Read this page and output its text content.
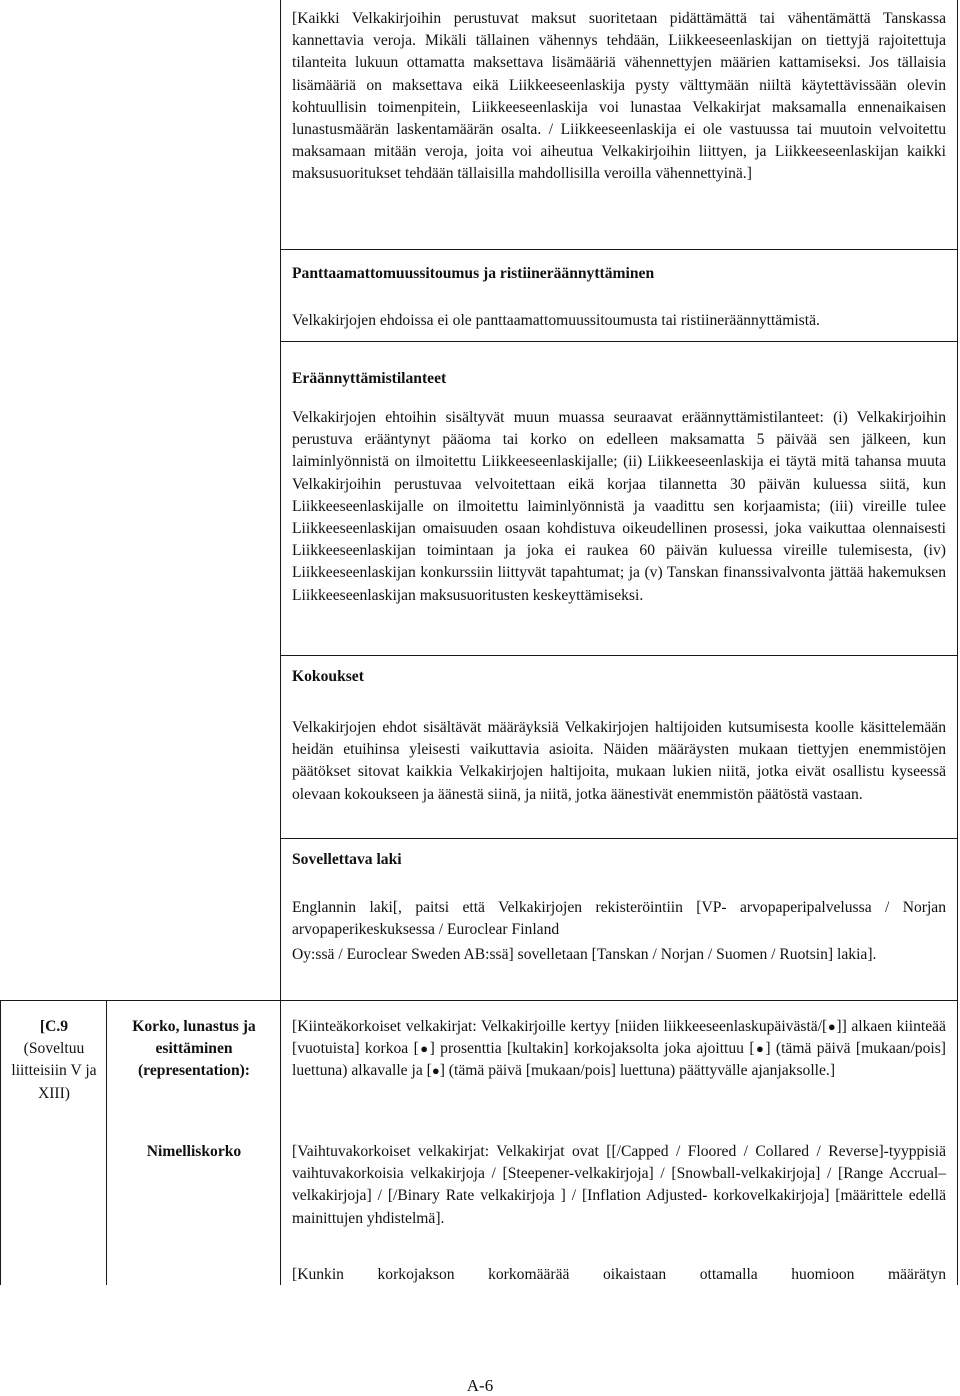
[Kaikki Velkakirjoihin perustuvat maksut suoritetaan pidättämättä tai vähentämättä Tanskassa kannettavia veroja. Mikäli tällainen vähennys tehdään, Liikkeeseenlaskijan on tiettyjä rajoitettuja tilanteita lukuun ottamatta maksettava lisämääriä vähennettyjen määrien kattamiseksi. Jos tällaisia lisämääriä on maksettava eikä Liikkeeseenlaskija pysty välttymään niiltä käytettävissään olevin kohtuullisin toimenpitein, Liikkeeseenlaskija voi lunastaa Velkakirjat maksamalla ennenaikaisen lunastusmäärän laskentamäärän osalta. / Liikkeeseenlaskija ei ole vastuussa tai muutoin velvoitettu maksamaan mitään veroja, joita voi aiheutua Velkakirjoihin liittyen, ja Liikkeeseenlaskijan kaikki maksusuoritukset tehdään tällaisilla mahdollisilla veroilla vähennettyinä.]

Panttaamattomuussitoumus ja ristiineräännyttäminen

Velkakirjojen ehdoissa ei ole panttaamattomuussitoumusta tai ristiineräännyttämistä.

Eräännyttämistilanteet

Velkakirjojen ehtoihin sisältyvät muun muassa seuraavat eräännyttämistilanteet: (i) Velkakirjoihin perustuva erääntynyt pääoma tai korko on edelleen maksamatta 5 päivää sen jälkeen, kun laiminlyönnistä on ilmoitettu Liikkeeseenlaskijalle; (ii) Liikkeeseenlaskija ei täytä mitä tahansa muuta Velkakirjoihin perustuvaa velvoitettaan eikä korjaa tilannetta 30 päivän kuluessa siitä, kun Liikkeeseenlaskijalle on ilmoitettu laiminlyönnistä ja vaadittu sen korjaamista; (iii) vireille tulee Liikkeeseenlaskijan omaisuuden osaan kohdistuva oikeudellinen prosessi, joka vaikuttaa olennaisesti Liikkeeseenlaskijan toimintaan ja joka ei raukea 60 päivän kuluessa vireille tulemisesta, (iv) Liikkeeseenlaskijan konkurssiin liittyvät tapahtumat; ja (v) Tanskan finanssivalvonta jättää hakemuksen Liikkeeseenlaskijan maksusuoritusten keskeyttämiseksi.

Kokoukset

Velkakirjojen ehdot sisältävät määräyksiä Velkakirjojen haltijoiden kutsumisesta koolle käsittelemään heidän etuihinsa yleisesti vaikuttavia asioita. Näiden määräysten mukaan tiettyjen enemmistöjen päätökset sitovat kaikkia Velkakirjojen haltijoita, mukaan lukien niitä, jotka eivät osallistu kyseessä olevaan kokoukseen ja äänestä siinä, ja niitä, jotka äänestivät enemmistön päätöstä vastaan.

Sovellettava laki

Englannin laki[, paitsi että Velkakirjojen rekisteröintiin [VP- arvopaperipalvelussa / Norjan arvopaperikeskuksessa / Euroclear Finland

Oy:ssä / Euroclear Sweden AB:ssä] sovelletaan [Tanskan / Norjan / Suomen / Ruotsin] lakia].

[C.9

(Soveltuu liitteisiin V ja XIII)

Korko, lunastus ja esittäminen (representation):

Nimelliskorko

[Kiinteäkorkoiset velkakirjat: Velkakirjoille kertyy [niiden liikkeeseenlaskupäivästä/[●]] alkaen kiinteää [vuotuista] korkoa [●] prosenttia [kultakin] korkojaksolta joka ajoittuu [●] (tämä päivä [mukaan/pois] luettuna) alkavalle ja [●] (tämä päivä [mukaan/pois] luettuna) päättyvälle ajanjaksolle.]

[Vaihtuvakorkoiset velkakirjat: Velkakirjat ovat [[/Capped / Floored / Collared / Reverse]-tyyppisiä vaihtuvakorkoisia velkakirjoja / [Steepener-velkakirjoja] / [Snowball-velkakirjoja] / [Range Accrual–velkakirjoja] / [/Binary Rate velkakirjoja ] / [Inflation Adjusted- korkovelkakirjoja] [määrittele edellä mainittujen yhdistelmä].

[Kunkin korkojakson korkomäärää oikaistaan ottamalla huomioon määrätyn

A-6
